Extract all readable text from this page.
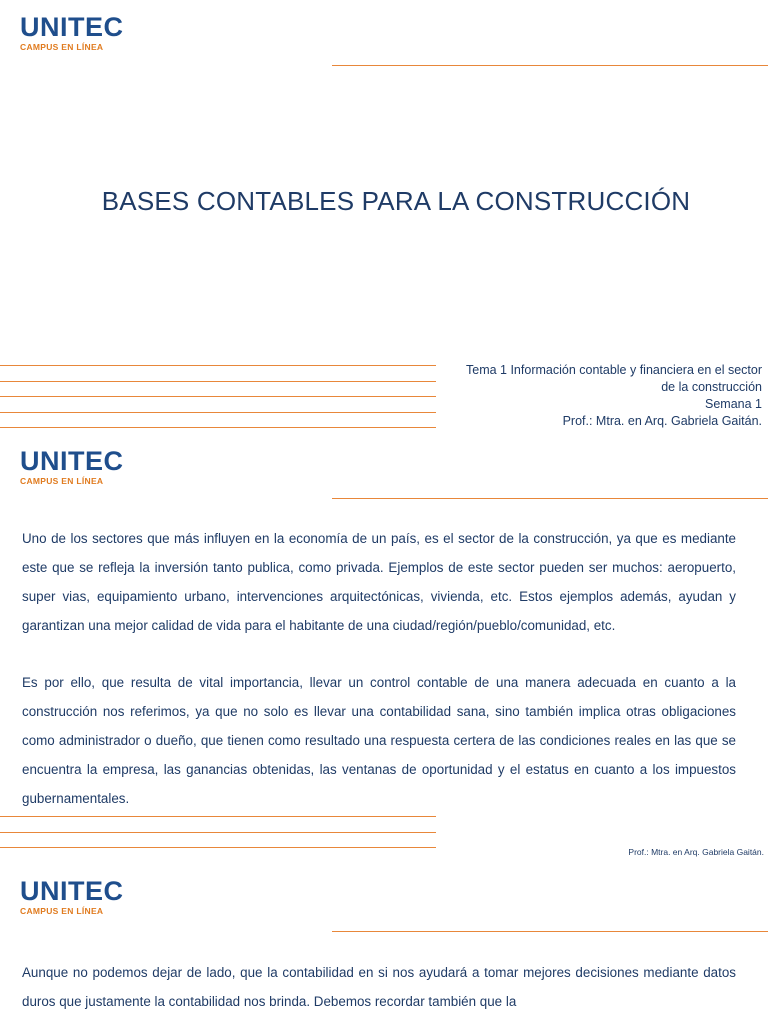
UNITEC
CAMPUS EN LÍNEA
BASES CONTABLES PARA LA CONSTRUCCIÓN
Tema 1 Información contable y financiera en el sector
de la construcción
Semana 1
Prof.: Mtra. en Arq. Gabriela Gaitán.
UNITEC
CAMPUS EN LÍNEA

Uno de los sectores que más influyen en la economía de un país, es el sector de la construcción, ya que es mediante este que se refleja la inversión tanto publica, como privada. Ejemplos de este sector pueden ser muchos: aeropuerto, super vias, equipamiento urbano, intervenciones arquitectónicas, vivienda, etc. Estos ejemplos además, ayudan y garantizan una mejor calidad de vida para el habitante de una ciudad/región/pueblo/comunidad, etc.

Es por ello, que resulta de vital importancia, llevar un control contable de una manera adecuada en cuanto a la construcción nos referimos, ya que no solo es llevar una contabilidad sana, sino también implica otras obligaciones como administrador o dueño, que tienen como resultado una respuesta certera de las condiciones reales en las que se encuentra la empresa, las ganancias obtenidas, las ventanas de oportunidad y el estatus en cuanto a los impuestos gubernamentales.

Prof.: Mtra. en Arq. Gabriela Gaitán.
UNITEC
CAMPUS EN LÍNEA

Aunque no podemos dejar de lado, que la contabilidad en si nos ayudará a tomar mejores decisiones mediante datos duros que justamente la contabilidad nos brinda. Debemos recordar también que la
